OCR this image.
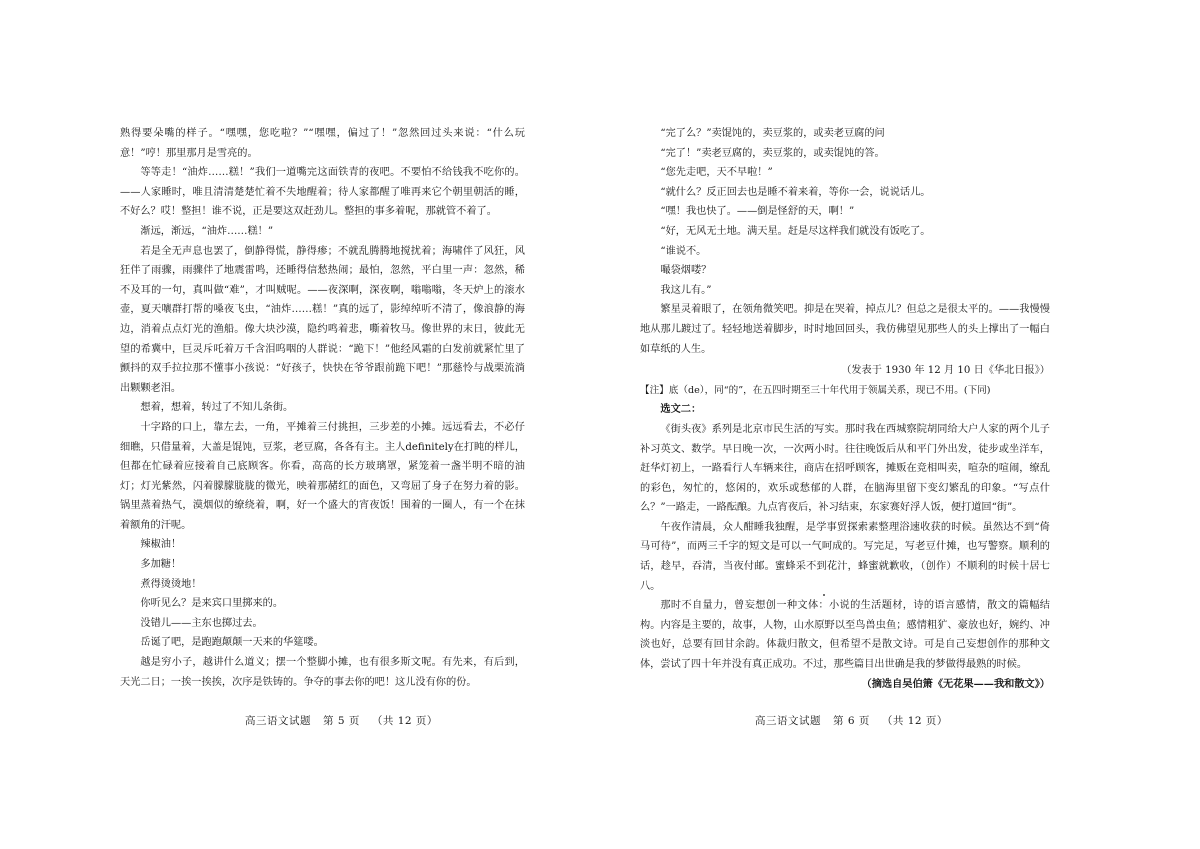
熟得要朵嘴的样子。“嘿嘿，您吃啦？”“嘿嘿，偏过了！”忽然回过头来说：“什么玩意！”哼！那里那月是雪亮的。

等等走！“油炸……糕！”我们一道嘴完这面铁青的夜吧。不要怕不给钱我不吃你的。——人家睡时，唯且清清楚楚忙着不失地醒着；待人家都醒了唯再来它个朝里朝活的睡，不好么？哎！整担！谁不说，正是要这双赶劲儿。整担的事多着呢，那就管不着了。

渐远，渐远，“油炸……糕！”

若是全无声息也罢了，倒静得慌，静得瘆；不就乱腾腾地搅扰着；海啸伴了风狂，风狂伴了雨骤，雨骤伴了地震雷鸣，还睡得信愁热闹；最怕，忽然，平白里一声：忽然，稀不及耳的一句，真叫做“难”，才叫贼呢。——夜深啊，深夜啊，嗡嗡嗡，冬天炉上的滚水壶，夏天嚷群打帮的嗓夜飞虫，“油炸……糕！”真的远了，影绰绰听不清了，像浪静的海边，消着点点灯光的渔船。像大块沙漠，隐约鸣着悲，嘶着牧马。像世界的末日，彼此无望的希冀中，巨灵斥吒着万千含泪呜咽的人群说：“跪下！”他经风霜的白发前就紧忙里了颤抖的双手拉拉那不懂事小孩说：“好孩子，快快在爷爷跟前跪下吧！”那慈怜与战栗流淌出颗颗老泪。

想着，想着，转过了不知儿条街。

十字路的口上，靠左去，一角，平摊着三付挑担，三步差的小摊。远远看去，不必仔细瞧，只借量着，大盖是馄饨，豆浆，老豆腐，各各有主。主人definitely在打盹的样儿，但都在忙碌着应接着自己底顾客。你看，高高的长方玻璃罩，紧笼着一盏半明不暗的油灯；灯光紫然，闪着朦朦胧胧的微光，映着那赭红的面色，又弯屈了身子在努力着的影。锅里蒸着热气，漠烟似的缭绕着，啊，好一个盛大的宵夜饭！围着的一圈人，有一个在抹着额角的汗呢。

辣椒油！

多加糖！

煮得烫烫地！

你听见么？是来宾口里掷来的。

没错儿——主东也掷过去。

岳诞了吧，是跑跑颠颠一天来的华筵喽。

越是穷小子，越讲什么道义；摆一个整脚小摊，也有很多斯文呢。有先来，有后到，天光二日；一挨一挨挨，次序是铁铸的。争夺的事去你的吧！这儿没有你的份。

高三语文试题 第 5 页 （共 12 页）

“完了么？”卖馄饨的，卖豆浆的，或卖老豆腐的问

“完了！”卖老豆腐的，卖豆浆的，或卖馄饨的答。

“您先走吧，天不早啦！”

“就什么？反正回去也是睡不着来着，等你一会，说说话儿。

“嘿！我也快了。——倒是怪舒的天，啊！”

“好，无风无土地。满天星。赶是尽这样我们就没有饭吃了。

“谁说不。

嘬袋烟喽？

我这儿有。”

繁星灵着眼了，在领角微笑吧。抑是在哭着，掉点儿？但总之是很太平的。——我慢慢地从那儿踱过了。轻轻地送着脚步，时时地回回头，我仿佛望见那些人的头上撑出了一幅白如草纸的人生。

（发表于 1930 年 12 月 10 日《华北日报》）

【注】底（de），同“的”，在五四时期至三十年代用于领属关系，现已不用。(下同)

选文二：

《街头夜》系列是北京市民生活的写实。那时我在西城察院胡同给大户人家的两个儿子补习英文、数学。早日晚一次，一次两小时。往往晚饭后从和平门外出发，徒步或坐洋车，赶华灯初上，一路看行人车辆来往，商店在招呼顾客，摊贩在竞相叫卖，喧杂的喧闹，缭乱的彩色，匆忙的，悠闲的，欢乐或愁郁的人群，在脑海里留下变幻繁乱的印象。“写点什么？”一路走，一路酝酿。九点宵夜后，补习结束，东家赛好浮人饭，便打道回“街”。

午夜作清晨，众人酣睡我独醒，是学事贸探索素整理浴速收获的时候。虽然达不到“倚马可待”，而两三千字的短文是可以一气呵成的。写完足，写老豆什摊，也写警察。顺利的话，趁早，吞清，当夜付邮。蜜蜂采不到花汁，蜂蜜就歉收，（创作）不顺利的时候十居七八。

那时不自量力，曾妄想创一种文体：小说的生活题材，诗的语言感情，散文的篇幅结构。内容是主要的，故事，人物，山水原野以至鸟兽虫鱼；感情粗犷、豪放也好，婉约、冲淡也好，总要有回甘余韵。体裁归散文，但希望不是散文诗。可是自己妄想创作的那种文体，尝试了四十年并没有真正成功。不过，那些篇目出世确是我的梦做得最熟的时候。

（摘选自吴伯箫《无花果——我和散文》）

高三语文试题 第 6 页 （共 12 页）
